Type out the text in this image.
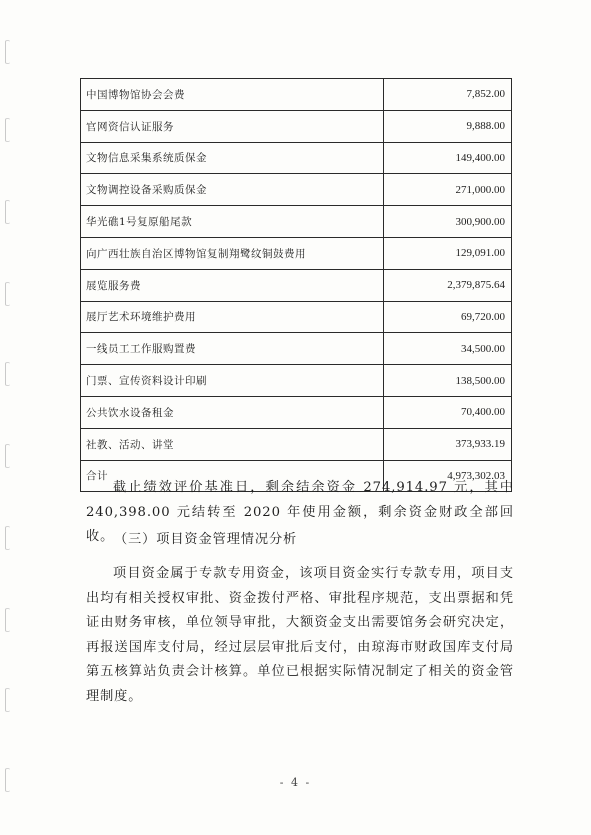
中国博物馆协会会费	7,852.00
官网资信认证服务	9,888.00
文物信息采集系统质保金	149,400.00
文物调控设备采购质保金	271,000.00
华光礁1号复原船尾款	300,900.00
向广西壮族自治区博物馆复制翔鹭纹铜鼓费用	129,091.00
展览服务费	2,379,875.64
展厅艺术环境维护费用	69,720.00
一线员工工作服购置费	34,500.00
门票、宣传资料设计印刷	138,500.00
公共饮水设备租金	70,400.00
社教、活动、讲堂	373,933.19
合计	4,973,302.03

截止绩效评价基准日，剩余结余资金 274,914.97 元，其中240,398.00 元结转至 2020 年使用金额，剩余资金财政全部回收。 （三）项目资金管理情况分析

项目资金属于专款专用资金，该项目资金实行专款专用，项目支出均有相关授权审批、资金拨付严格、审批程序规范，支出票据和凭证由财务审核，单位领导审批，大额资金支出需要馆务会研究决定，再报送国库支付局，经过层层审批后支付，由琼海市财政国库支付局第五核算站负责会计核算。单位已根据实际情况制定了相关的资金管理制度。

- 4 -
